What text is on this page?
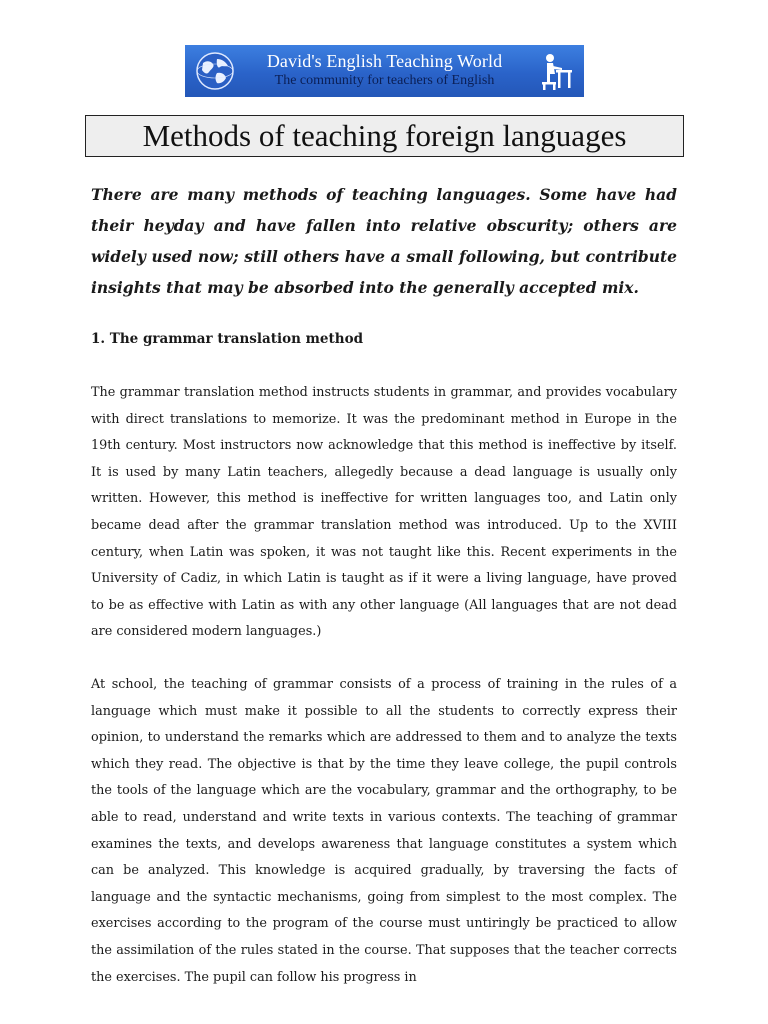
David's English Teaching World
The community for teachers of English
Methods of teaching foreign languages
There are many methods of teaching languages. Some have had their heyday and have fallen into relative obscurity; others are widely used now; still others have a small following, but contribute insights that may be absorbed into the generally accepted mix.
1. The grammar translation method

The grammar translation method instructs students in grammar, and provides vocabulary with direct translations to memorize. It was the predominant method in Europe in the 19th century. Most instructors now acknowledge that this method is ineffective by itself. It is used by many Latin teachers, allegedly because a dead language is usually only written. However, this method is ineffective for written languages too, and Latin only became dead after the grammar translation method was introduced. Up to the XVIII century, when Latin was spoken, it was not taught like this. Recent experiments in the University of Cadiz, in which Latin is taught as if it were a living language, have proved to be as effective with Latin as with any other language (All languages that are not dead are considered modern languages.)

At school, the teaching of grammar consists of a process of training in the rules of a language which must make it possible to all the students to correctly express their opinion, to understand the remarks which are addressed to them and to analyze the texts which they read. The objective is that by the time they leave college, the pupil controls the tools of the language which are the vocabulary, grammar and the orthography, to be able to read, understand and write texts in various contexts. The teaching of grammar examines the texts, and develops awareness that language constitutes a system which can be analyzed. This knowledge is acquired gradually, by traversing the facts of language and the syntactic mechanisms, going from simplest to the most complex. The exercises according to the program of the course must untiringly be practiced to allow the assimilation of the rules stated in the course. That supposes that the teacher corrects the exercises. The pupil can follow his progress in
